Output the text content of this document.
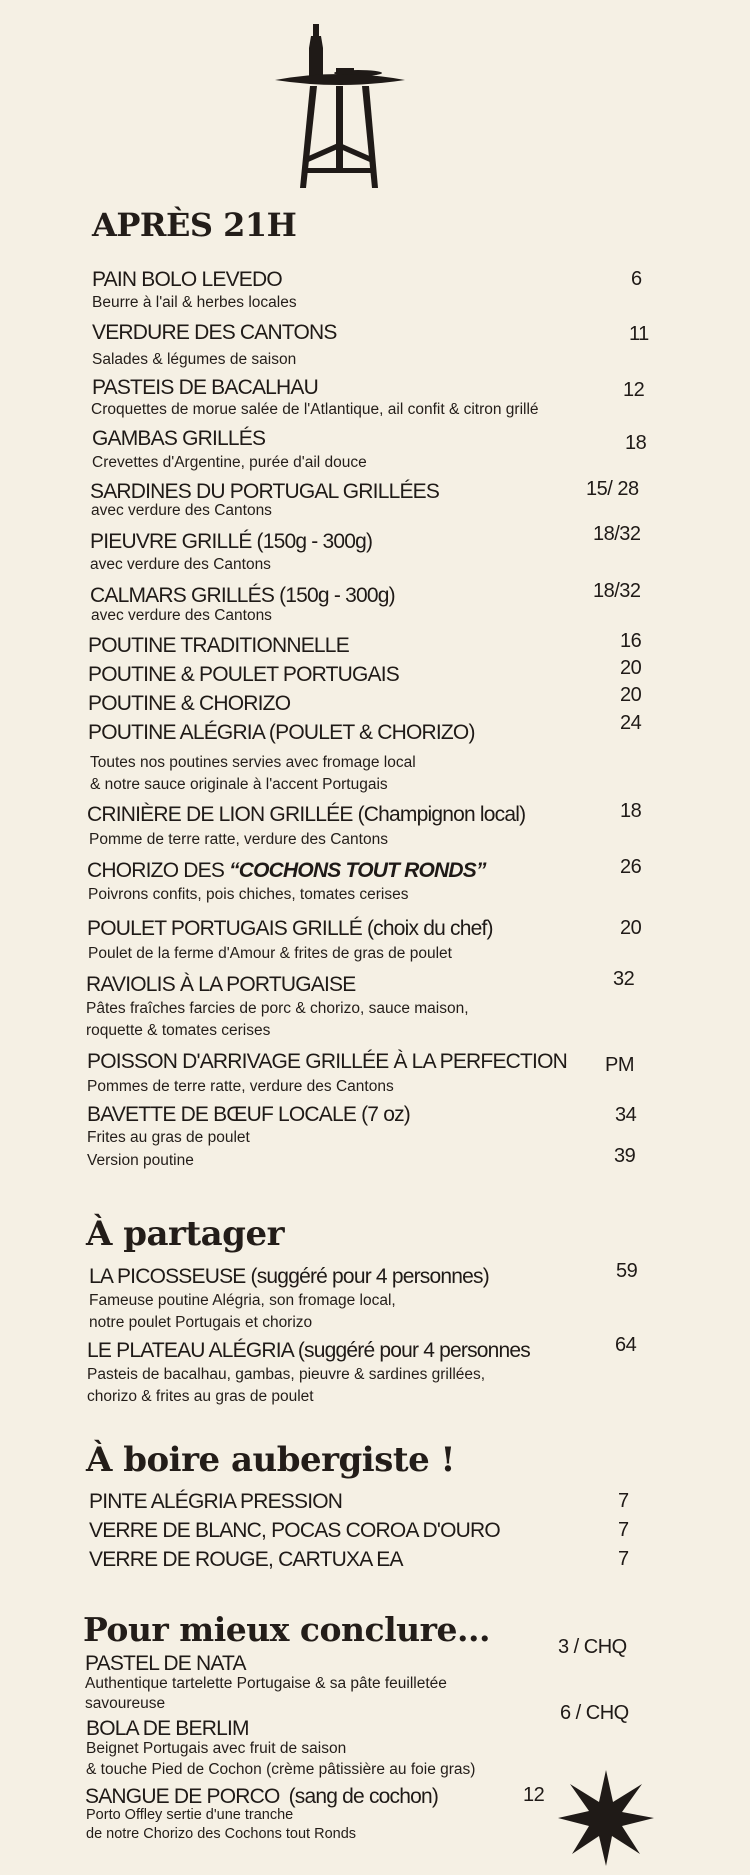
APRÈS 21H
PAIN BOLO LEVEDO
Beurre à l'ail & herbes locales
6
VERDURE DES CANTONS
Salades & légumes de saison
11
PASTEIS DE BACALHAU
Croquettes de morue salée de l'Atlantique, ail confit & citron grillé
12
GAMBAS GRILLÉS
Crevettes d'Argentine, purée d'ail douce
18
SARDINES DU PORTUGAL GRILLÉES
avec verdure des Cantons
15/ 28
PIEUVRE GRILLÉ (150g - 300g)
avec verdure des Cantons
18/32
CALMARS GRILLÉS (150g - 300g)
avec verdure des Cantons
18/32
POUTINE TRADITIONNELLE	16
POUTINE & POULET PORTUGAIS	20
POUTINE & CHORIZO	20
POUTINE ALÉGRIA (POULET & CHORIZO)	24
Toutes nos poutines servies avec fromage local
& notre sauce originale à l'accent Portugais
CRINIÈRE DE LION GRILLÉE (Champignon local)
Pomme de terre ratte, verdure des Cantons
18
CHORIZO DES “COCHONS TOUT RONDS”
Poivrons confits, pois chiches, tomates cerises
26
POULET PORTUGAIS GRILLÉ (choix du chef)
Poulet de la ferme d'Amour & frites de gras de poulet
20
RAVIOLIS À LA PORTUGAISE
Pâtes fraîches farcies de porc & chorizo, sauce maison,
roquette & tomates cerises
32
POISSON D'ARRIVAGE GRILLÉE À LA PERFECTION
Pommes de terre ratte, verdure des Cantons
PM
BAVETTE DE BŒUF LOCALE (7 oz)
Frites au gras de poulet
Version poutine
34
39
À partager
LA PICOSSEUSE (suggéré pour 4 personnes)
Fameuse poutine Alégria, son fromage local,
notre poulet Portugais et chorizo
59
LE PLATEAU ALÉGRIA (suggéré pour 4 personnes
Pasteis de bacalhau, gambas, pieuvre & sardines grillées,
chorizo & frites au gras de poulet
64
À boire aubergiste !
PINTE ALÉGRIA PRESSION	7
VERRE DE BLANC, POCAS COROA D'OURO	7
VERRE DE ROUGE, CARTUXA EA	7
Pour mieux conclure...
PASTEL DE NATA
Authentique tartelette Portugaise & sa pâte feuilletée
savoureuse
3 / CHQ
BOLA DE BERLIM
Beignet Portugais avec fruit de saison
& touche Pied de Cochon (crème pâtissière au foie gras)
6 / CHQ
SANGUE DE PORCO (sang de cochon)
Porto Offley sertie d'une tranche
de notre Chorizo des Cochons tout Ronds
12
